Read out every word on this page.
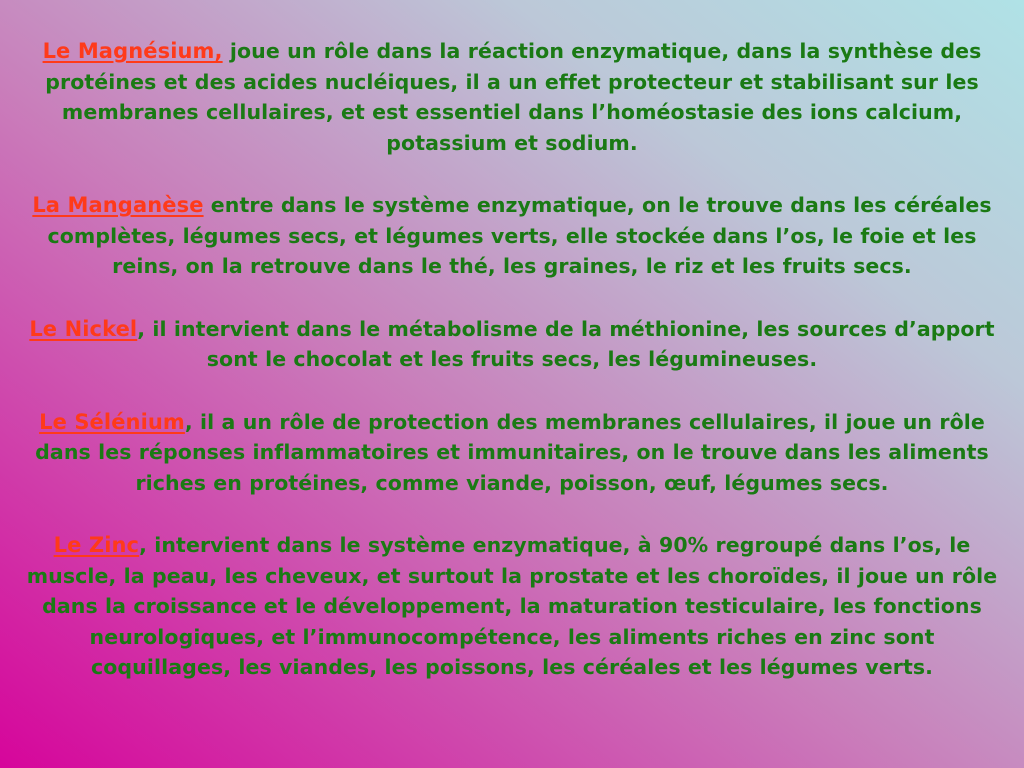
Le Magnésium, joue un rôle dans la réaction enzymatique, dans la synthèse des protéines et des acides nucléiques, il a un effet protecteur et stabilisant sur les membranes cellulaires, et est essentiel dans l’homéostasie des ions calcium, potassium et sodium.

La Manganèse entre dans le système enzymatique, on le trouve dans les céréales complètes, légumes secs, et légumes verts, elle stockée dans l’os, le foie et les reins, on la retrouve dans le thé, les graines, le riz et les fruits secs.

Le Nickel, il intervient dans le métabolisme de la méthionine, les sources d’apport sont le chocolat et les fruits secs, les légumineuses.

Le Sélénium, il a un rôle de protection des membranes cellulaires, il joue un rôle dans les réponses inflammatoires et immunitaires, on le trouve dans les aliments riches en protéines, comme viande, poisson, œuf, légumes secs.

Le Zinc, intervient dans le système enzymatique, à 90% regroupé dans l’os, le muscle, la peau, les cheveux, et surtout la prostate et les choroïdes, il joue un rôle dans la croissance et le développement, la maturation testiculaire, les fonctions neurologiques, et l’immunocompétence, les aliments riches en zinc sont coquillages, les viandes, les poissons, les céréales et les légumes verts.
